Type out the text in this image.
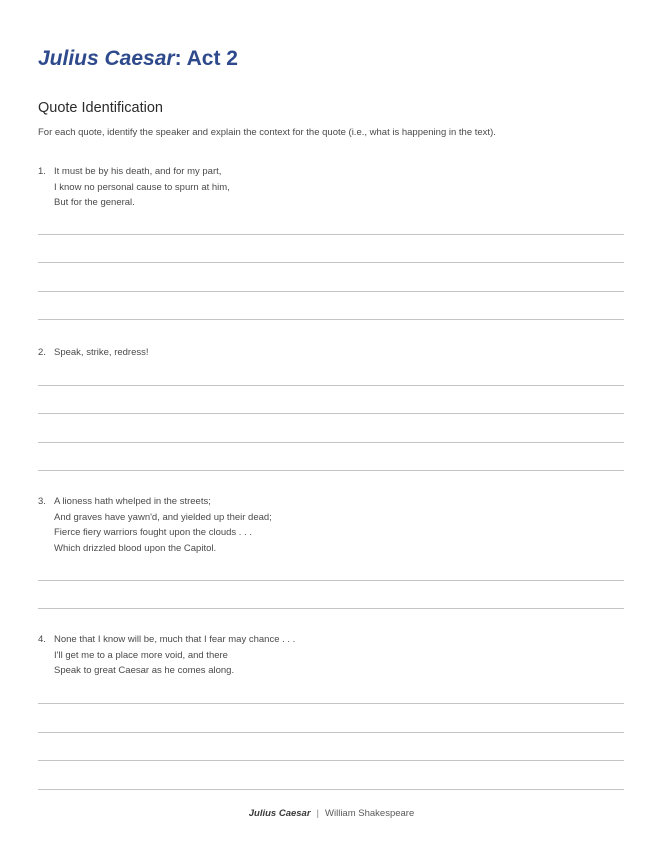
Julius Caesar: Act 2
Quote Identification

For each quote, identify the speaker and explain the context for the quote (i.e., what is happening in the text).

1. It must be by his death, and for my part,
I know no personal cause to spurn at him,
But for the general.
2. Speak, strike, redress!
3. A lioness hath whelped in the streets;
And graves have yawn'd, and yielded up their dead;
Fierce fiery warriors fought upon the clouds . . .
Which drizzled blood upon the Capitol.
4. None that I know will be, much that I fear may chance . . .
I'll get me to a place more void, and there
Speak to great Caesar as he comes along.
Julius Caesar | William Shakespeare
